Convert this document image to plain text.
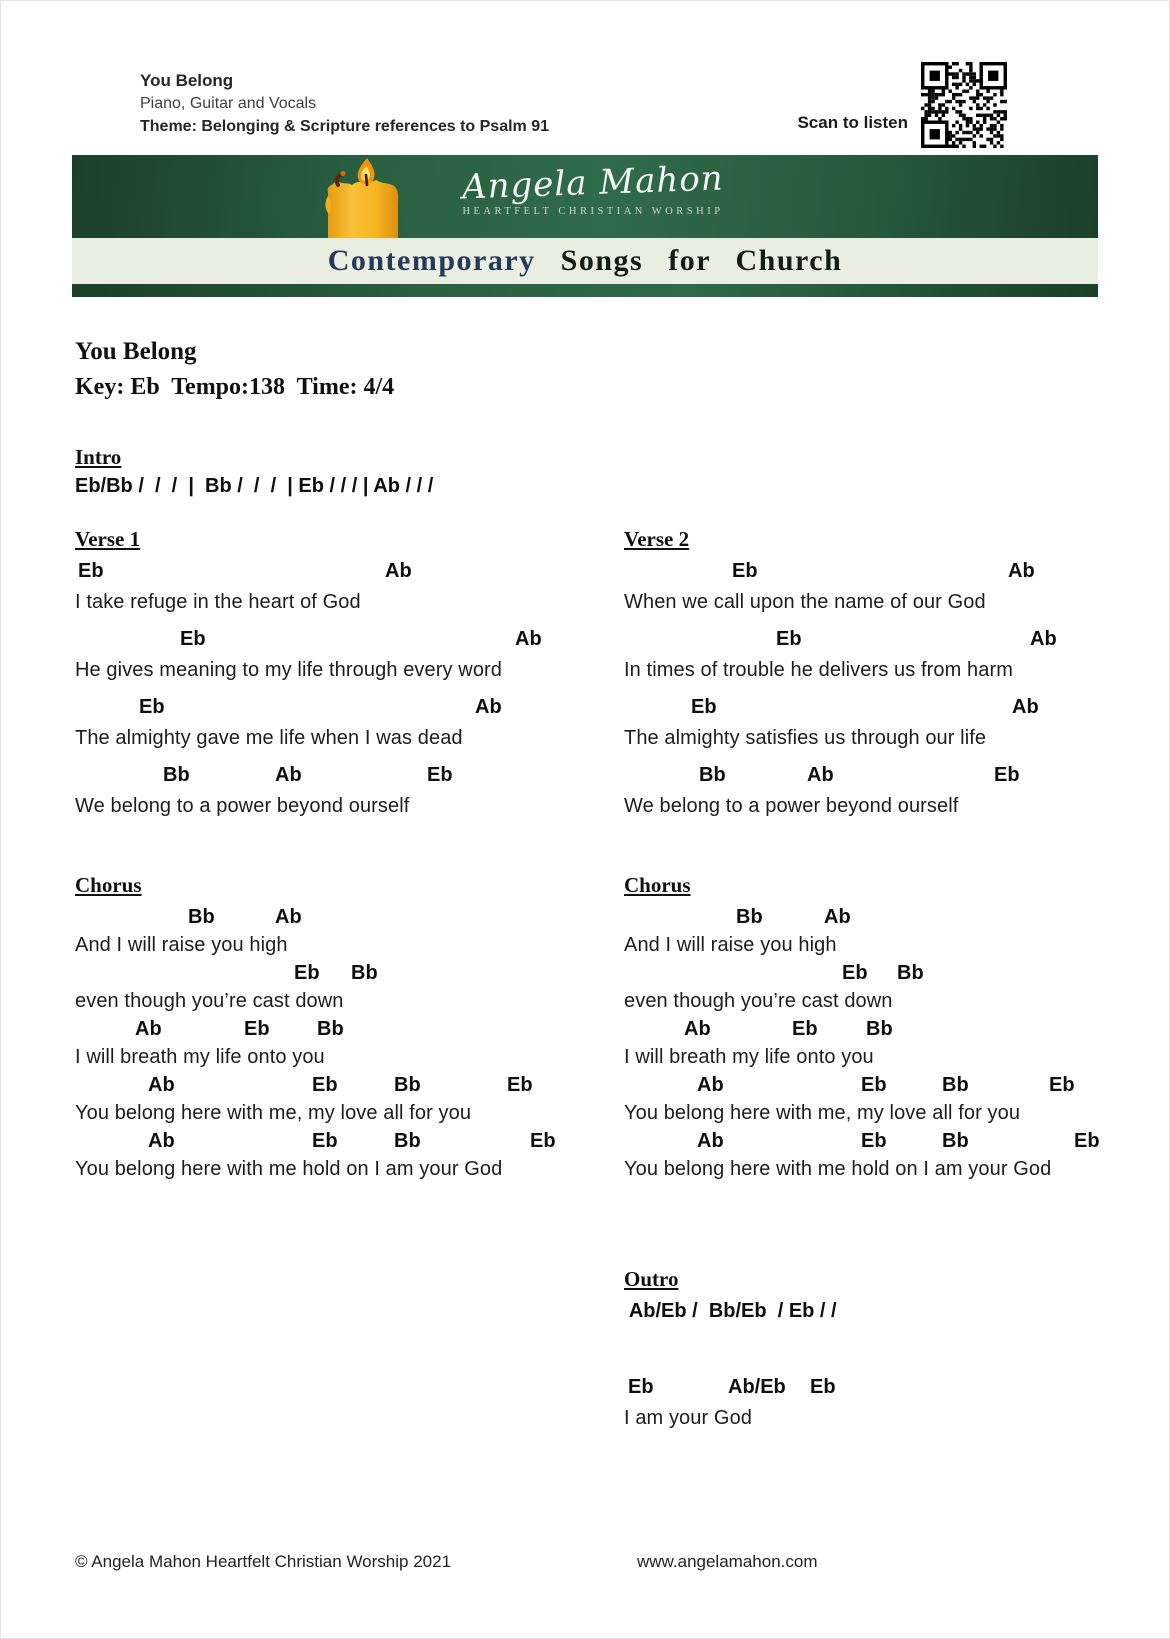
You Belong
Piano, Guitar and Vocals
Theme: Belonging & Scripture references to Psalm 91	Scan to listen
Angela Mahon
HEARTFELT CHRISTIAN WORSHIP
Contemporary Songs for Church
You Belong
Key: Eb  Tempo:138  Time: 4/4
Intro
Eb/Bb /  /  /  |  Bb /  /  /  | Eb / / / | Ab / / /
Verse 1
Eb	Ab
I take refuge in the heart of God
Eb	Ab
He gives meaning to my life through every word
Eb	Ab
The almighty gave me life when I was dead
Bb	Ab	Eb
We belong to a power beyond ourself
Chorus
Bb	Ab
And I will raise you high
Eb Bb
even though you’re cast down
Ab	Eb Bb
I will breath my life onto you
Ab	Eb	Bb	Eb
You belong here with me, my love all for you
Ab	Eb	Bb	Eb
You belong here with me hold on I am your God
Verse 2
Eb	Ab
When we call upon the name of our God
Eb	Ab
In times of trouble he delivers us from harm
Eb	Ab
The almighty satisfies us through our life
Bb	Ab	Eb
We belong to a power beyond ourself
Chorus
Bb	Ab
And I will raise you high
Eb Bb
even though you’re cast down
Ab	Eb Bb
I will breath my life onto you
Ab	Eb	Bb	Eb
You belong here with me, my love all for you
Ab	Eb	Bb	Eb
You belong here with me hold on I am your God
Outro
Ab/Eb /  Bb/Eb  / Eb / /
Eb	Ab/Eb Eb
I am your God
© Angela Mahon Heartfelt Christian Worship 2021	www.angelamahon.com
